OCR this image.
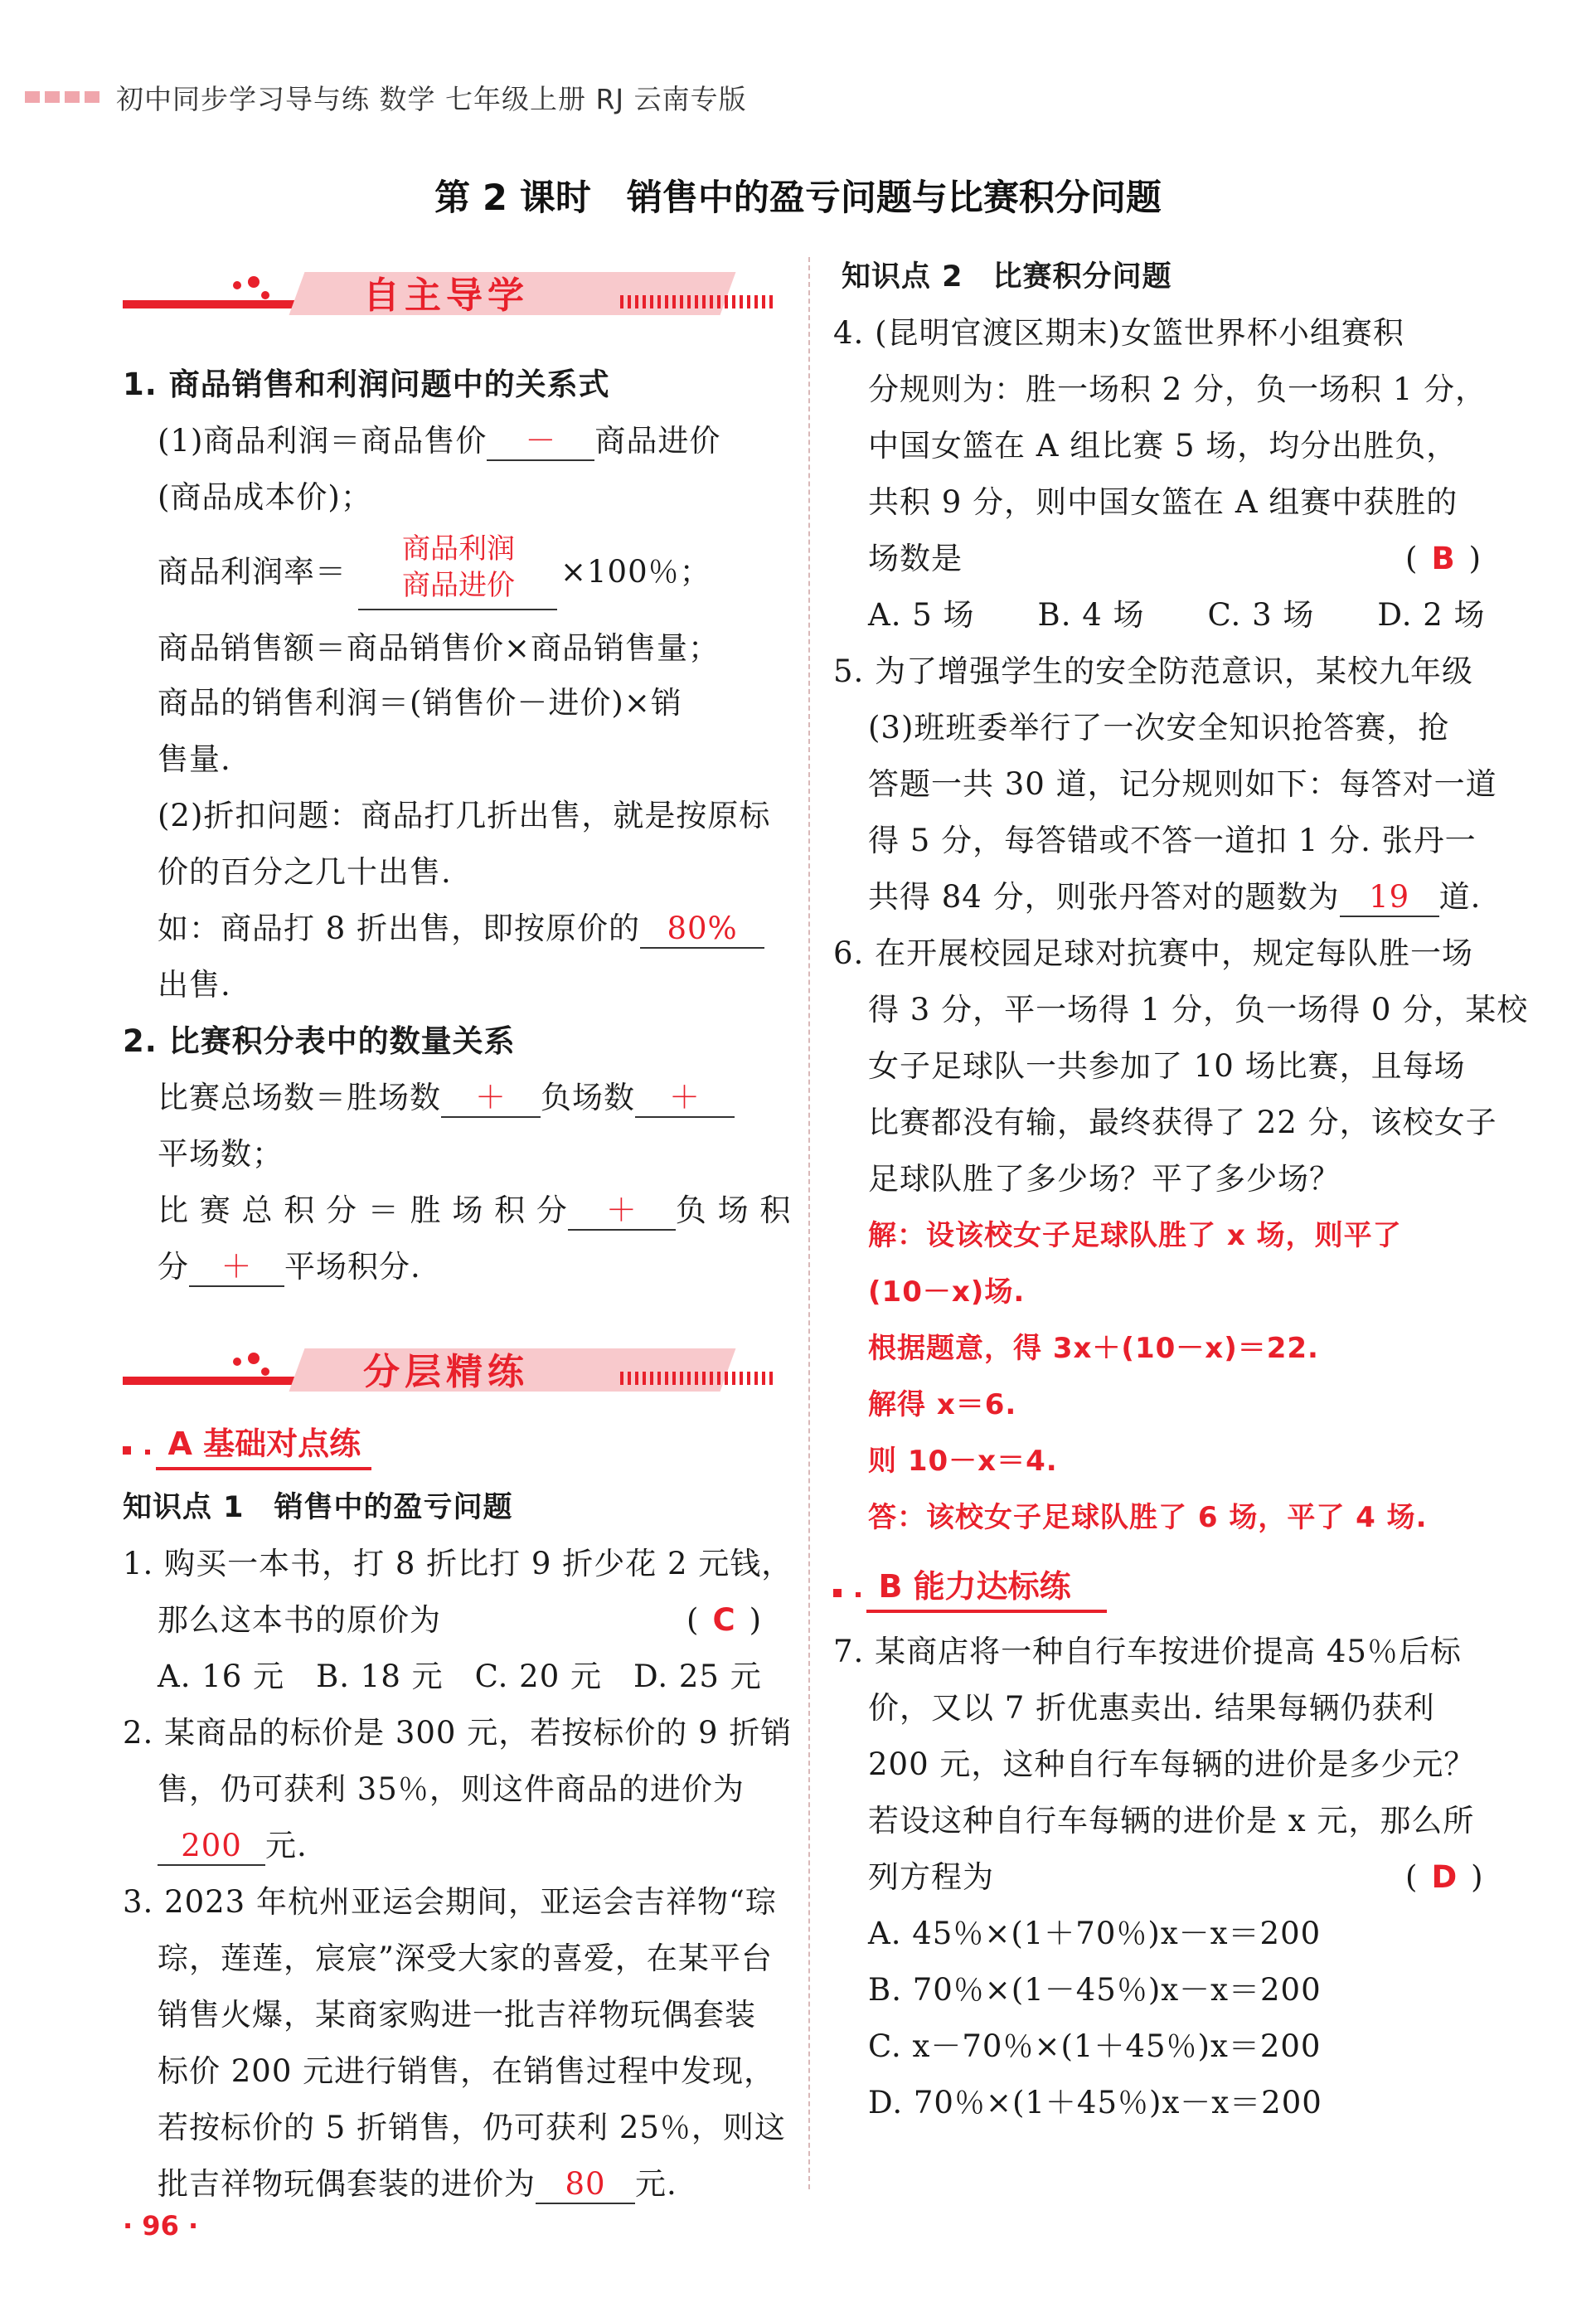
初中同步学习导与练 数学 七年级上册 RJ 云南专版
第 2 课时　销售中的盈亏问题与比赛积分问题
自主导学
1. 商品销售和利润问题中的关系式
(1)商品利润＝商品售价 － 商品进价
(商品成本价)；
商品利润率＝
商品利润
商品进价	×100％；
商品销售额＝商品销售价×商品销售量；
商品的销售利润＝(销售价－进价)×销
售量.
(2)折扣问题：商品打几折出售，就是按原标
价的百分之几十出售.
如：商品打 8 折出售，即按原价的 80%
出售.
2. 比赛积分表中的数量关系
比赛总场数＝胜场数 ＋ 负场数 ＋
平场数；
比 赛 总 积 分 ＝ 胜 场 积 分 ＋ 负 场 积
分 ＋ 平场积分.
分层精练
A 基础对点练
知识点 1　销售中的盈亏问题
1. 购买一本书，打 8 折比打 9 折少花 2 元钱，
那么这本书的原价为	( C )
A. 16 元　B. 18 元　C. 20 元　D. 25 元
2. 某商品的标价是 300 元，若按标价的 9 折销
售，仍可获利 35％，则这件商品的进价为
200 元.
3. 2023 年杭州亚运会期间，亚运会吉祥物“琮
琮，莲莲，宸宸”深受大家的喜爱，在某平台
销售火爆，某商家购进一批吉祥物玩偶套装
标价 200 元进行销售，在销售过程中发现，
若按标价的 5 折销售，仍可获利 25％，则这
批吉祥物玩偶套装的进价为 80 元.
知识点 2　比赛积分问题
4. (昆明官渡区期末)女篮世界杯小组赛积
分规则为：胜一场积 2 分，负一场积 1 分，
中国女篮在 A 组比赛 5 场，均分出胜负，
共积 9 分，则中国女篮在 A 组赛中获胜的
场数是	( B )
A. 5 场　　B. 4 场　　C. 3 场　　D. 2 场
5. 为了增强学生的安全防范意识，某校九年级
(3)班班委举行了一次安全知识抢答赛，抢
答题一共 30 道，记分规则如下：每答对一道
得 5 分，每答错或不答一道扣 1 分. 张丹一
共得 84 分，则张丹答对的题数为 19 道.
6. 在开展校园足球对抗赛中，规定每队胜一场
得 3 分，平一场得 1 分，负一场得 0 分，某校
女子足球队一共参加了 10 场比赛，且每场
比赛都没有输，最终获得了 22 分，该校女子
足球队胜了多少场？平了多少场？
解：设该校女子足球队胜了 x 场，则平了
(10－x)场.
根据题意，得 3x＋(10－x)＝22.
解得 x＝6.
则 10－x＝4.
答：该校女子足球队胜了 6 场，平了 4 场.
B 能力达标练
7. 某商店将一种自行车按进价提高 45％后标
价，又以 7 折优惠卖出. 结果每辆仍获利
200 元，这种自行车每辆的进价是多少元？
若设这种自行车每辆的进价是 x 元，那么所
列方程为	( D )
A. 45％×(1＋70％)x－x＝200
B. 70％×(1－45％)x－x＝200
C. x－70％×(1＋45％)x＝200
D. 70％×(1＋45％)x－x＝200
· 96 ·
